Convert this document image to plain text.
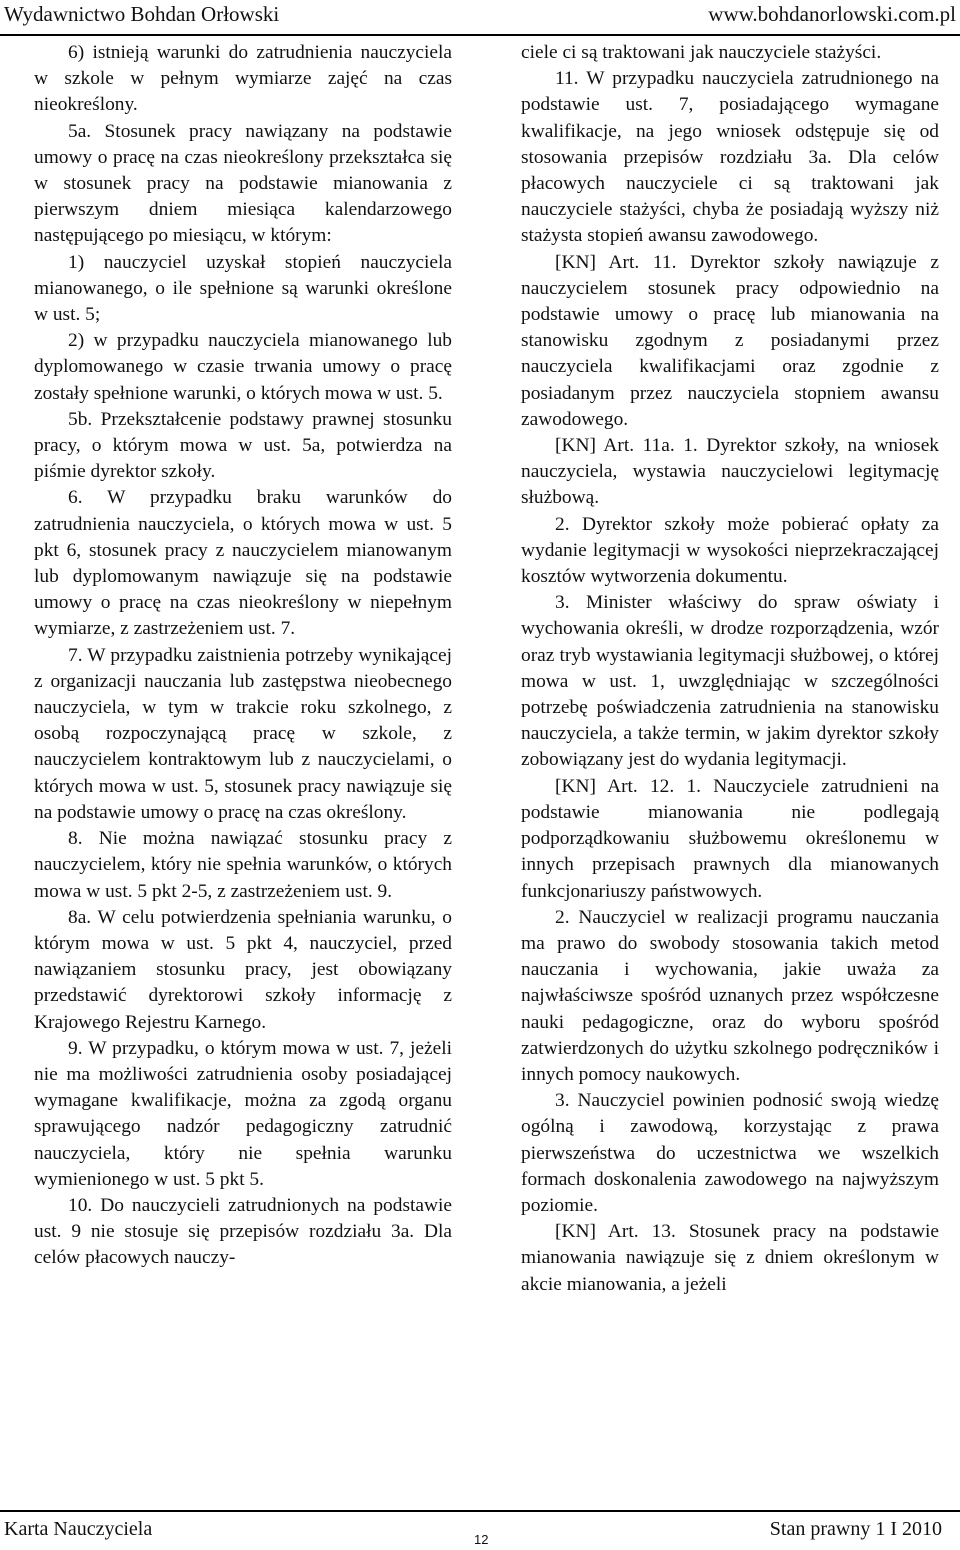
Wydawnictwo Bohdan Orłowski	www.bohdanorlowski.com.pl

6) istnieją warunki do zatrudnienia nauczyciela w szkole w pełnym wymiarze zajęć na czas nieokreślony.

5a. Stosunek pracy nawiązany na podstawie umowy o pracę na czas nieokreślony przekształca się w stosunek pracy na podstawie mianowania z pierwszym dniem miesiąca kalendarzowego następującego po miesiącu, w którym:

1) nauczyciel uzyskał stopień nauczyciela mianowanego, o ile spełnione są warunki określone w ust. 5;

2) w przypadku nauczyciela mianowanego lub dyplomowanego w czasie trwania umowy o pracę zostały spełnione warunki, o których mowa w ust. 5.

5b. Przekształcenie podstawy prawnej stosunku pracy, o którym mowa w ust. 5a, potwierdza na piśmie dyrektor szkoły.

6. W przypadku braku warunków do zatrudnienia nauczyciela, o których mowa w ust. 5 pkt 6, stosunek pracy z nauczycielem mianowanym lub dyplomowanym nawiązuje się na podstawie umowy o pracę na czas nieokreślony w niepełnym wymiarze, z zastrzeżeniem ust. 7.

7. W przypadku zaistnienia potrzeby wynikającej z organizacji nauczania lub zastępstwa nieobecnego nauczyciela, w tym w trakcie roku szkolnego, z osobą rozpoczynającą pracę w szkole, z nauczycielem kontraktowym lub z nauczycielami, o których mowa w ust. 5, stosunek pracy nawiązuje się na podstawie umowy o pracę na czas określony.

8. Nie można nawiązać stosunku pracy z nauczycielem, który nie spełnia warunków, o których mowa w ust. 5 pkt 2-5, z zastrzeżeniem ust. 9.

8a. W celu potwierdzenia spełniania warunku, o którym mowa w ust. 5 pkt 4, nauczyciel, przed nawiązaniem stosunku pracy, jest obowiązany przedstawić dyrektorowi szkoły informację z Krajowego Rejestru Karnego.

9. W przypadku, o którym mowa w ust. 7, jeżeli nie ma możliwości zatrudnienia osoby posiadającej wymagane kwalifikacje, można za zgodą organu sprawującego nadzór pedagogiczny zatrudnić nauczyciela, który nie spełnia warunku wymienionego w ust. 5 pkt 5.

10. Do nauczycieli zatrudnionych na podstawie ust. 9 nie stosuje się przepisów rozdziału 3a. Dla celów płacowych nauczy-

ciele ci są traktowani jak nauczyciele stażyści.

11. W przypadku nauczyciela zatrudnionego na podstawie ust. 7, posiadającego wymagane kwalifikacje, na jego wniosek odstępuje się od stosowania przepisów rozdziału 3a. Dla celów płacowych nauczyciele ci są traktowani jak nauczyciele stażyści, chyba że posiadają wyższy niż stażysta stopień awansu zawodowego.

[KN] Art. 11. Dyrektor szkoły nawiązuje z nauczycielem stosunek pracy odpowiednio na podstawie umowy o pracę lub mianowania na stanowisku zgodnym z posiadanymi przez nauczyciela kwalifikacjami oraz zgodnie z posiadanym przez nauczyciela stopniem awansu zawodowego.

[KN] Art. 11a. 1. Dyrektor szkoły, na wniosek nauczyciela, wystawia nauczycielowi legitymację służbową.

2. Dyrektor szkoły może pobierać opłaty za wydanie legitymacji w wysokości nieprzekraczającej kosztów wytworzenia dokumentu.

3. Minister właściwy do spraw oświaty i wychowania określi, w drodze rozporządzenia, wzór oraz tryb wystawiania legitymacji służbowej, o której mowa w ust. 1, uwzględniając w szczególności potrzebę poświadczenia zatrudnienia na stanowisku nauczyciela, a także termin, w jakim dyrektor szkoły zobowiązany jest do wydania legitymacji.

[KN] Art. 12. 1. Nauczyciele zatrudnieni na podstawie mianowania nie podlegają podporządkowaniu służbowemu określonemu w innych przepisach prawnych dla mianowanych funkcjonariuszy państwowych.

2. Nauczyciel w realizacji programu nauczania ma prawo do swobody stosowania takich metod nauczania i wychowania, jakie uważa za najwłaściwsze spośród uznanych przez współczesne nauki pedagogiczne, oraz do wyboru spośród zatwierdzonych do użytku szkolnego podręczników i innych pomocy naukowych.

3. Nauczyciel powinien podnosić swoją wiedzę ogólną i zawodową, korzystając z prawa pierwszeństwa do uczestnictwa we wszelkich formach doskonalenia zawodowego na najwyższym poziomie.

[KN] Art. 13. Stosunek pracy na podstawie mianowania nawiązuje się z dniem określonym w akcie mianowania, a jeżeli

Karta Nauczyciela	12	Stan prawny 1 I 2010
